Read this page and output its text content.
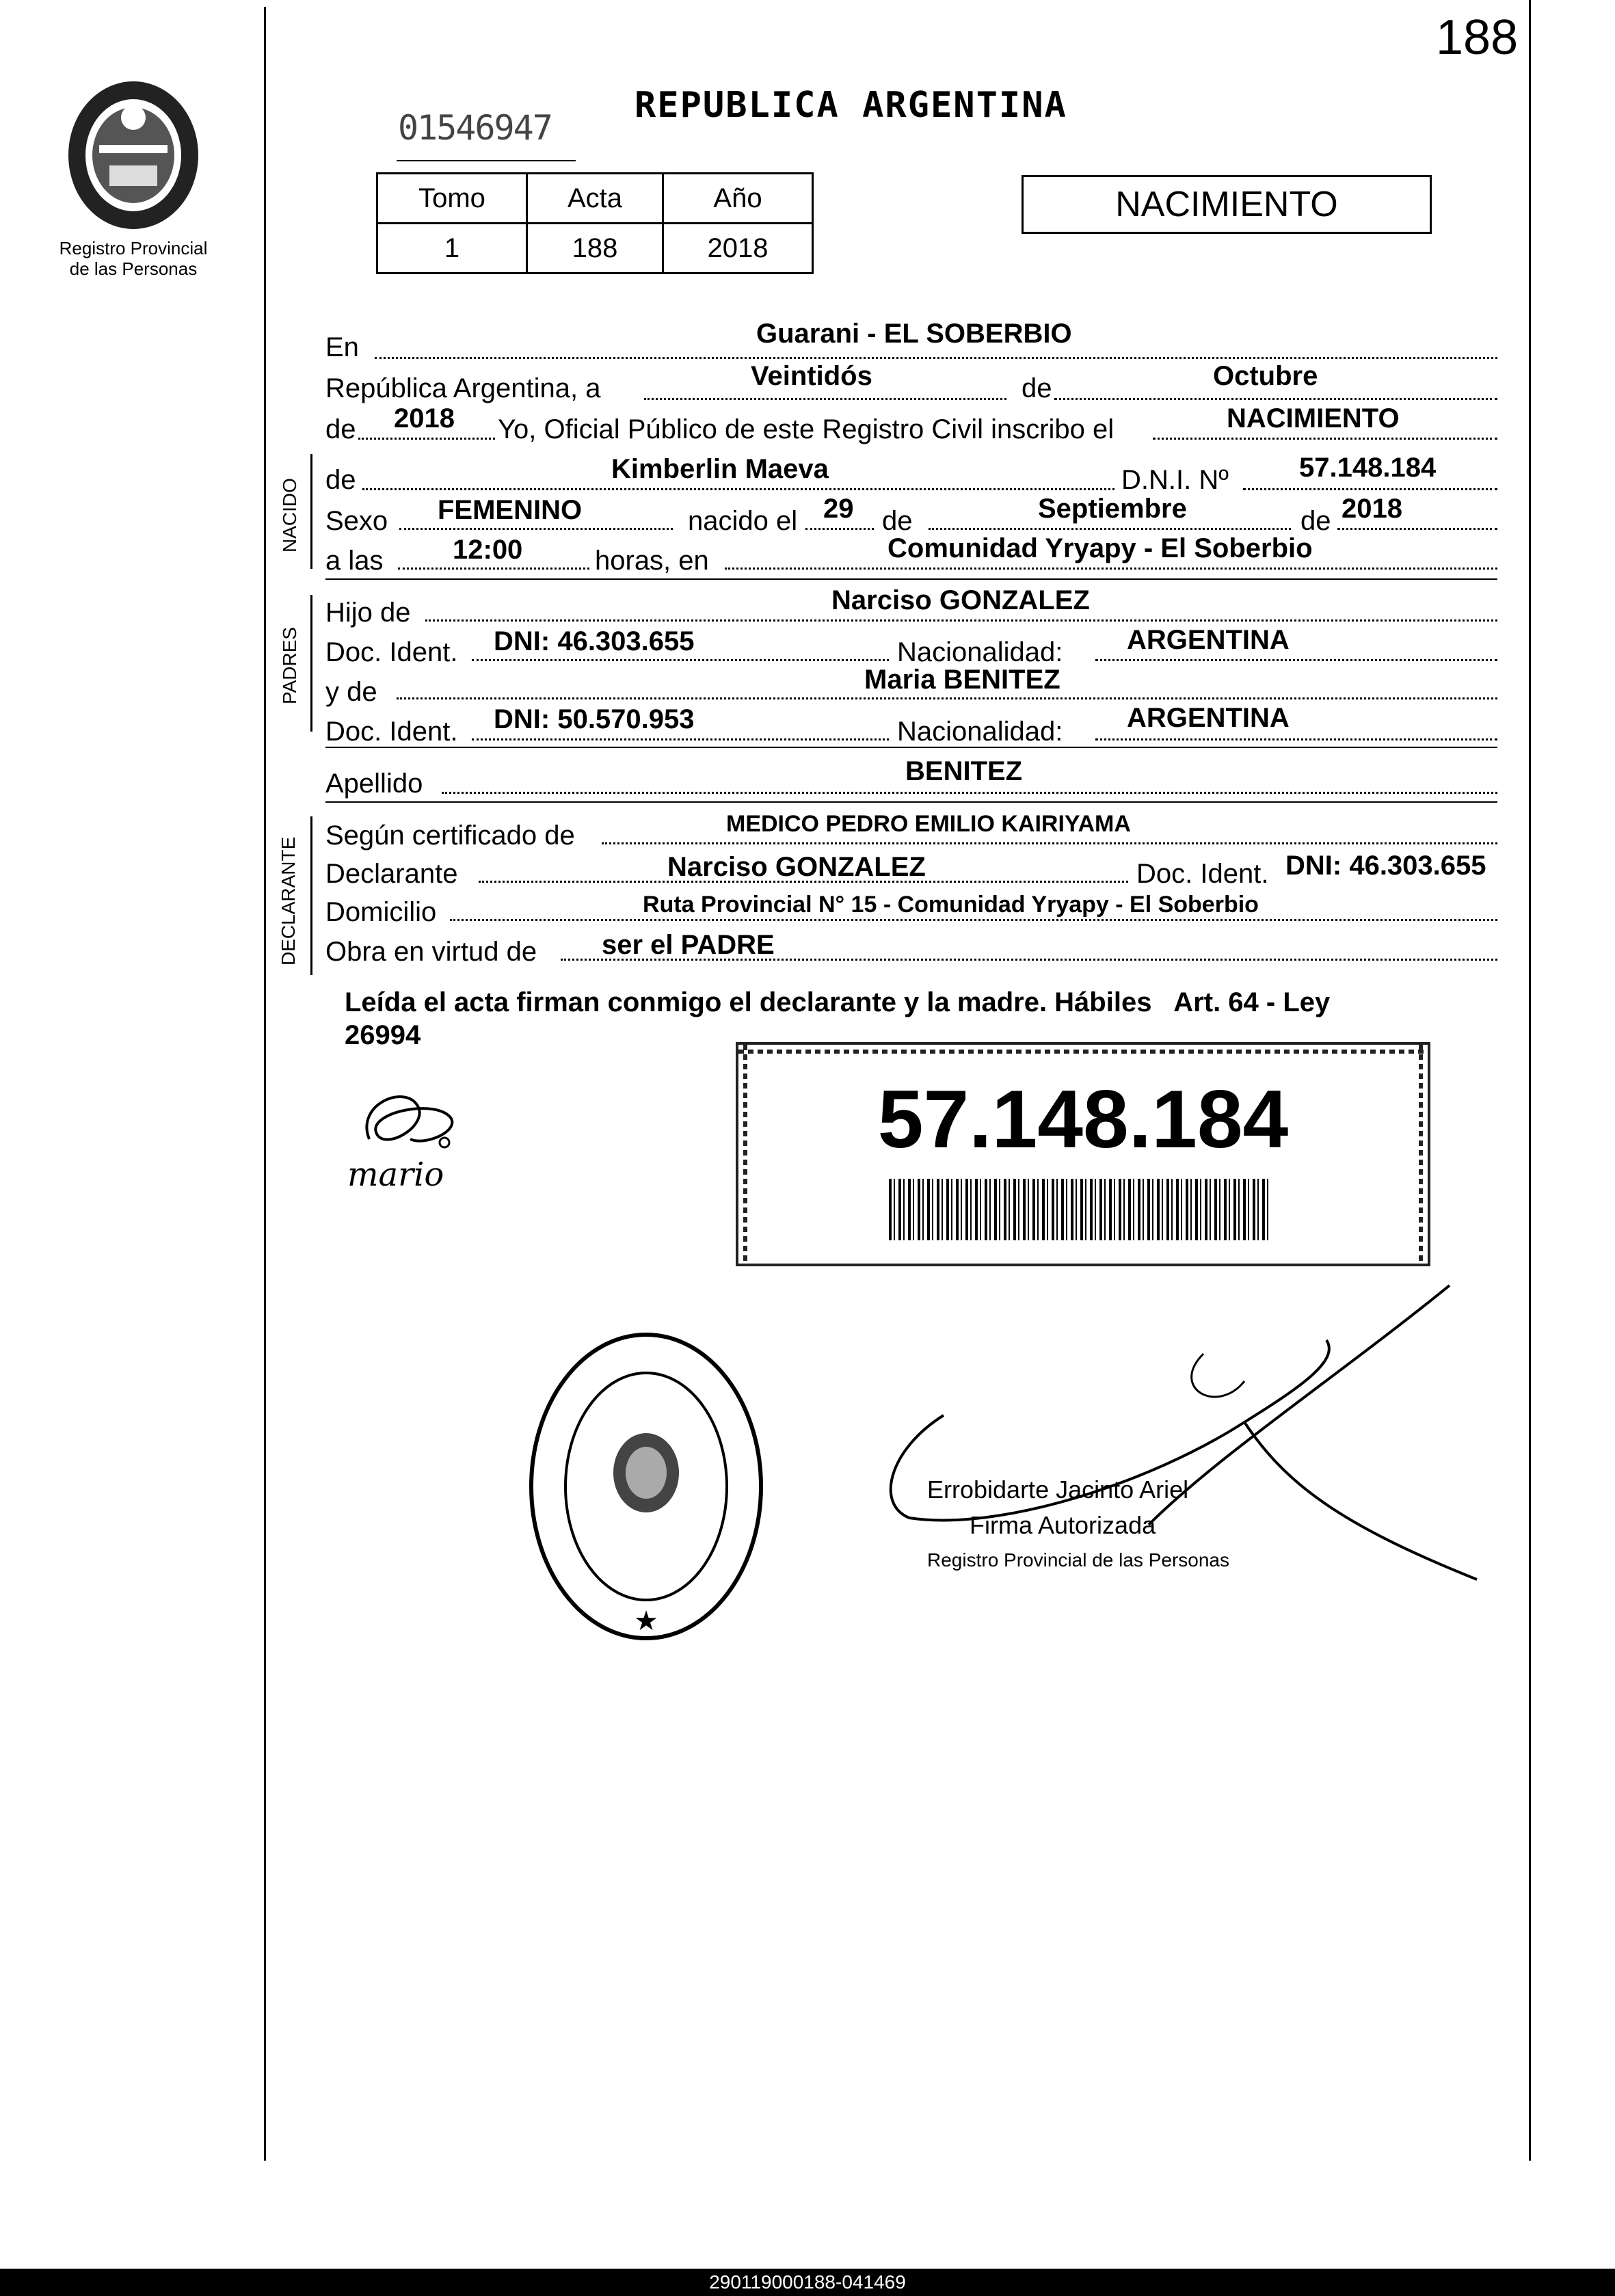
188
Registro Provincial
de las Personas
01546947
REPUBLICA ARGENTINA
Tomo	Acta	Año
1	188	2018
NACIMIENTO
En	Guarani - EL SOBERBIO
República Argentina, a	Veintidós	de	Octubre
de 2018 Yo, Oficial Público de este Registro Civil inscribo el	NACIMIENTO
NACIDO de	Kimberlin Maeva	D.N.I. Nº	57.148.184
Sexo FEMENINO	nacido el 29 de	Septiembre	de 2018
a las	12:00	horas, en	Comunidad Yryapy - El Soberbio
PADRES
Hijo de	Narciso GONZALEZ
Doc. Ident. DNI: 46.303.655	Nacionalidad: ARGENTINA
y de	Maria BENITEZ
Doc. Ident. DNI: 50.570.953	Nacionalidad: ARGENTINA
Apellido	BENITEZ
DECLARANTE
Según certificado de	MEDICO PEDRO EMILIO KAIRIYAMA
Declarante	Narciso GONZALEZ	Doc. Ident. DNI: 46.303.655
Domicilio	Ruta Provincial N° 15 - Comunidad Yryapy - El Soberbio
Obra en virtud de ser el PADRE
Leída el acta firman conmigo el declarante y la madre. Hábiles   Art. 64 - Ley
26994
mario
57.148.184
★
Errobidarte Jacinto Ariel
Firma Autorizada
Registro Provincial de las Personas
290119000188-041469
